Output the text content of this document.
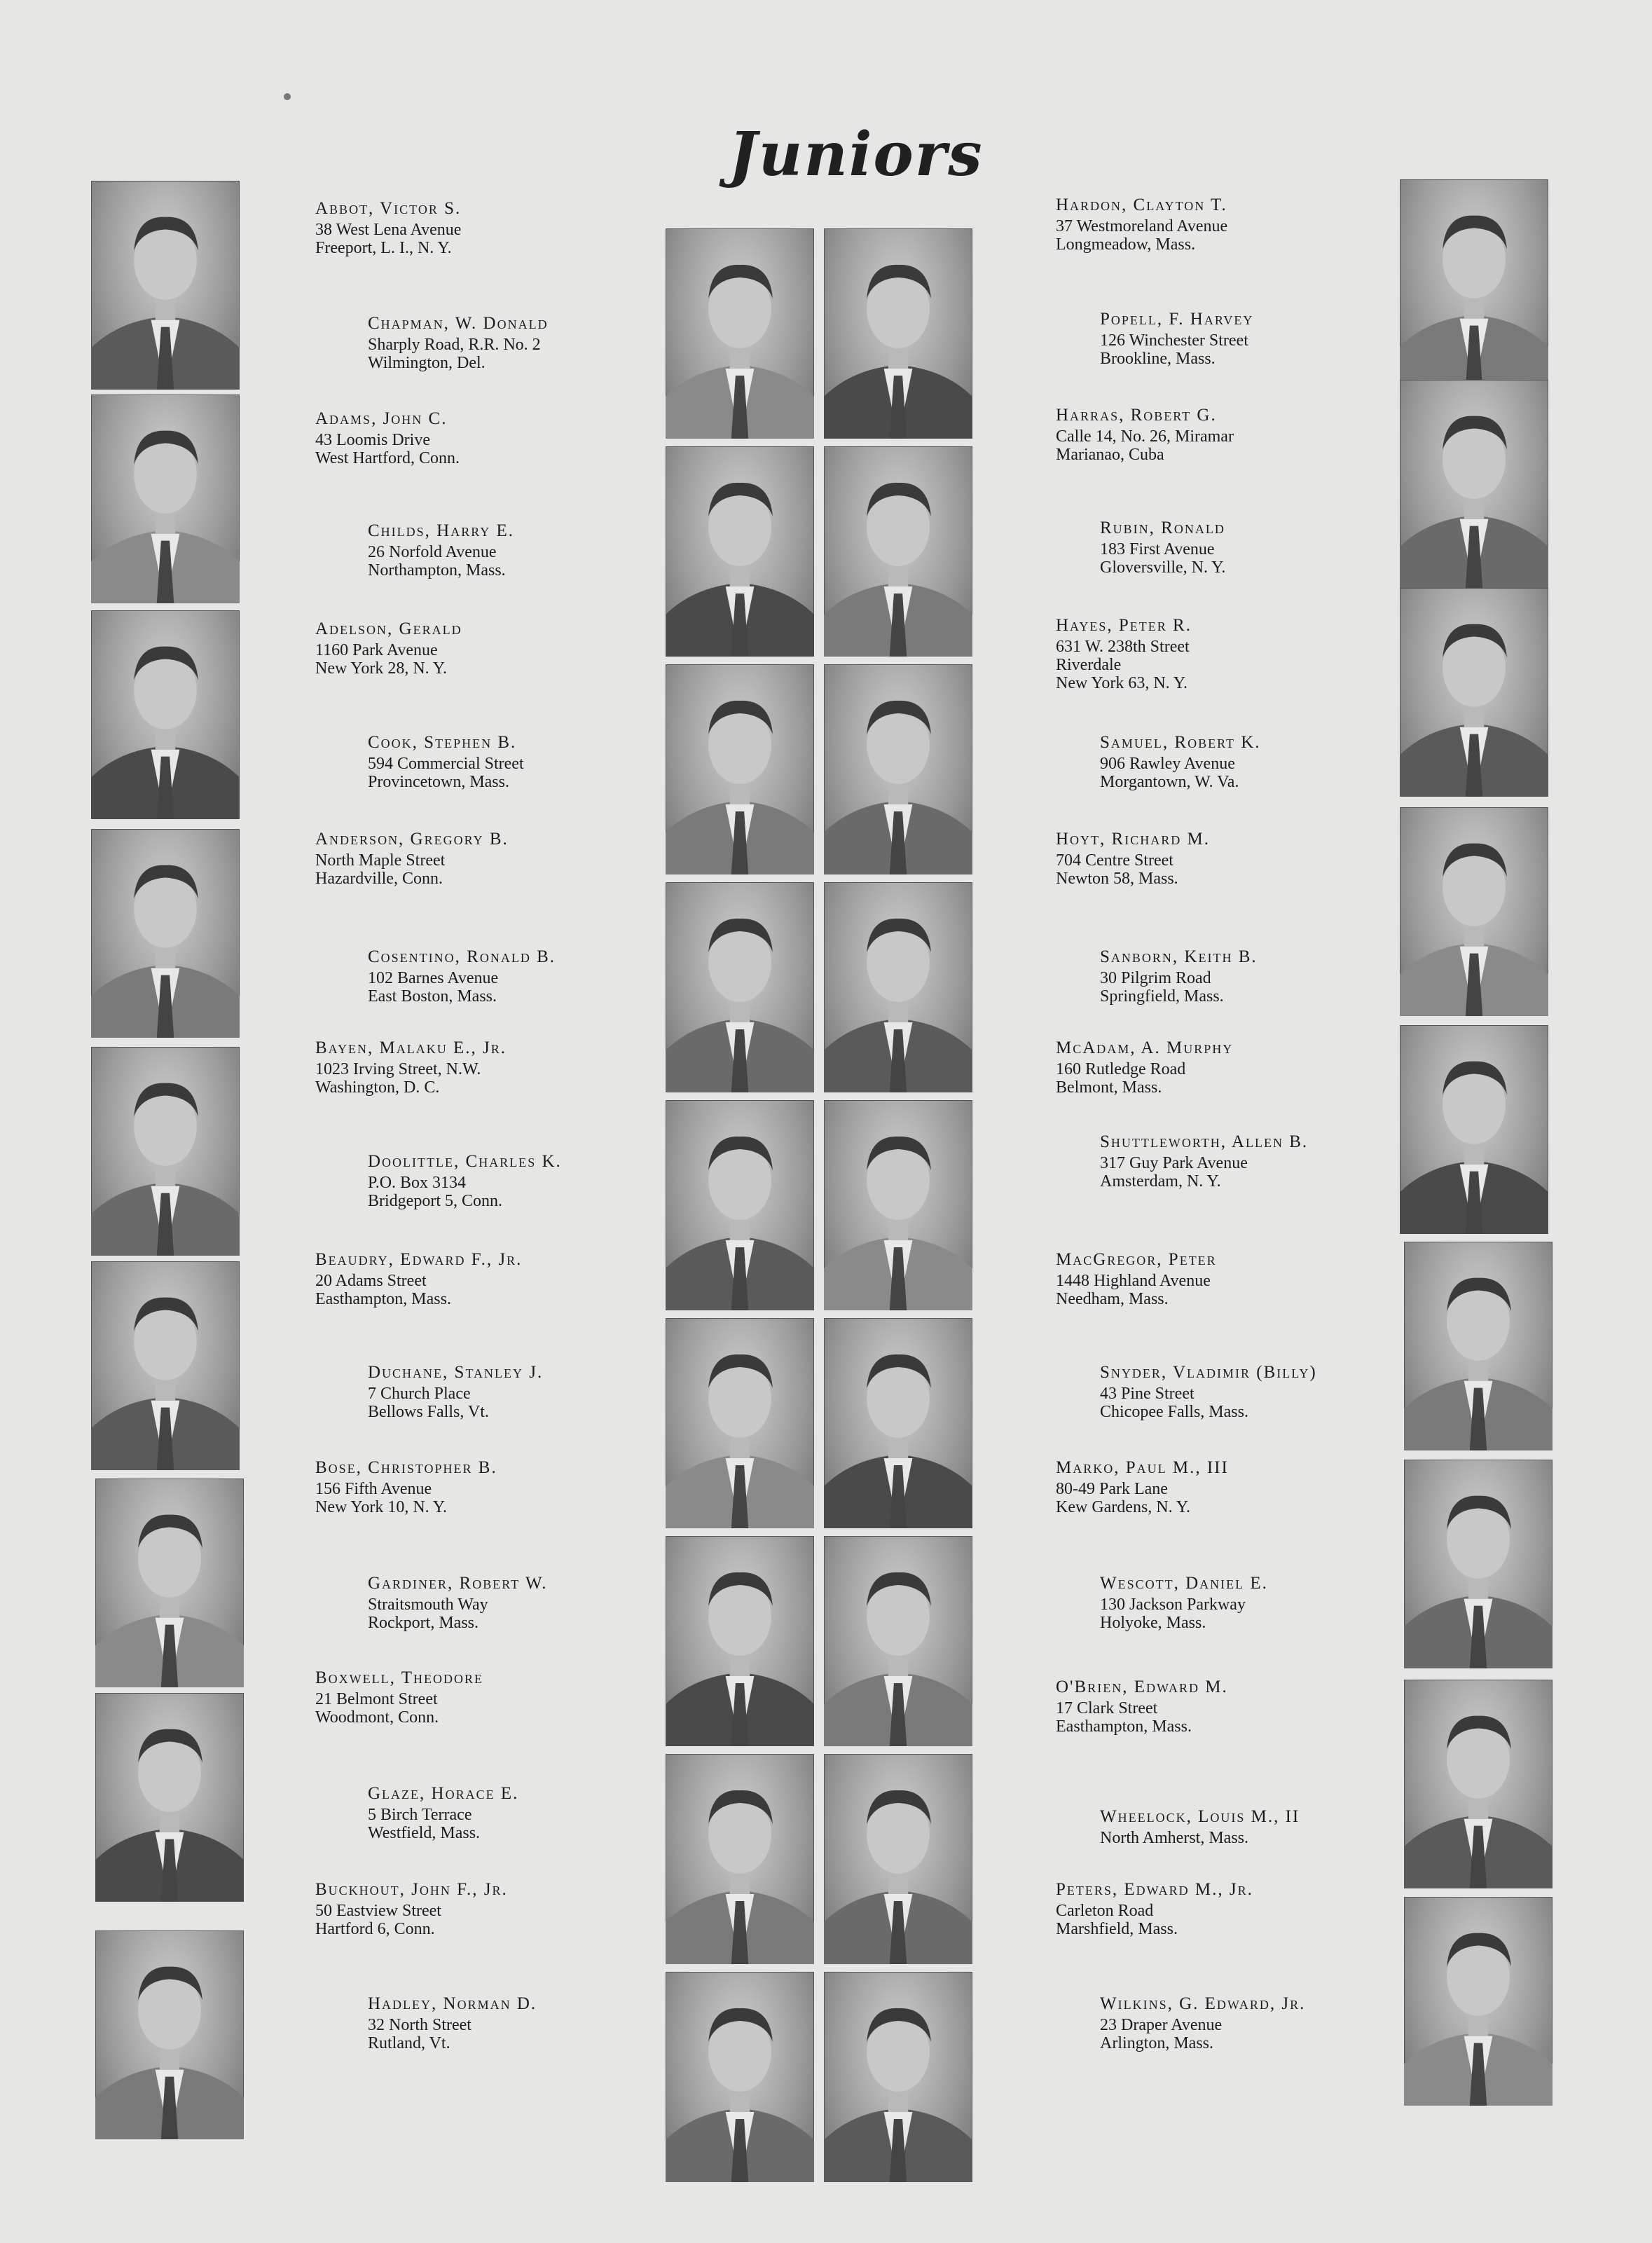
Juniors
Abbot, Victor S.
38 West Lena Avenue
Freeport, L. I., N. Y.
Chapman, W. Donald
Sharply Road, R.R. No. 2
Wilmington, Del.
Adams, John C.
43 Loomis Drive
West Hartford, Conn.
Childs, Harry E.
26 Norfold Avenue
Northampton, Mass.
Adelson, Gerald
1160 Park Avenue
New York 28, N. Y.
Cook, Stephen B.
594 Commercial Street
Provincetown, Mass.
Anderson, Gregory B.
North Maple Street
Hazardville, Conn.
Cosentino, Ronald B.
102 Barnes Avenue
East Boston, Mass.
Bayen, Malaku E., Jr.
1023 Irving Street, N.W.
Washington, D. C.
Doolittle, Charles K.
P.O. Box 3134
Bridgeport 5, Conn.
Beaudry, Edward F., Jr.
20 Adams Street
Easthampton, Mass.
Duchane, Stanley J.
7 Church Place
Bellows Falls, Vt.
Bose, Christopher B.
156 Fifth Avenue
New York 10, N. Y.
Gardiner, Robert W.
Straitsmouth Way
Rockport, Mass.
Boxwell, Theodore
21 Belmont Street
Woodmont, Conn.
Glaze, Horace E.
5 Birch Terrace
Westfield, Mass.
Buckhout, John F., Jr.
50 Eastview Street
Hartford 6, Conn.
Hadley, Norman D.
32 North Street
Rutland, Vt.
Hardon, Clayton T.
37 Westmoreland Avenue
Longmeadow, Mass.
Popell, F. Harvey
126 Winchester Street
Brookline, Mass.
Harras, Robert G.
Calle 14, No. 26, Miramar
Marianao, Cuba
Rubin, Ronald
183 First Avenue
Gloversville, N. Y.
Hayes, Peter R.
631 W. 238th Street
Riverdale
New York 63, N. Y.
Samuel, Robert K.
906 Rawley Avenue
Morgantown, W. Va.
Hoyt, Richard M.
704 Centre Street
Newton 58, Mass.
Sanborn, Keith B.
30 Pilgrim Road
Springfield, Mass.
McAdam, A. Murphy
160 Rutledge Road
Belmont, Mass.
Shuttleworth, Allen B.
317 Guy Park Avenue
Amsterdam, N. Y.
MacGregor, Peter
1448 Highland Avenue
Needham, Mass.
Snyder, Vladimir (Billy)
43 Pine Street
Chicopee Falls, Mass.
Marko, Paul M., III
80-49 Park Lane
Kew Gardens, N. Y.
Wescott, Daniel E.
130 Jackson Parkway
Holyoke, Mass.
O'Brien, Edward M.
17 Clark Street
Easthampton, Mass.
Wheelock, Louis M., II
North Amherst, Mass.
Peters, Edward M., Jr.
Carleton Road
Marshfield, Mass.
Wilkins, G. Edward, Jr.
23 Draper Avenue
Arlington, Mass.
